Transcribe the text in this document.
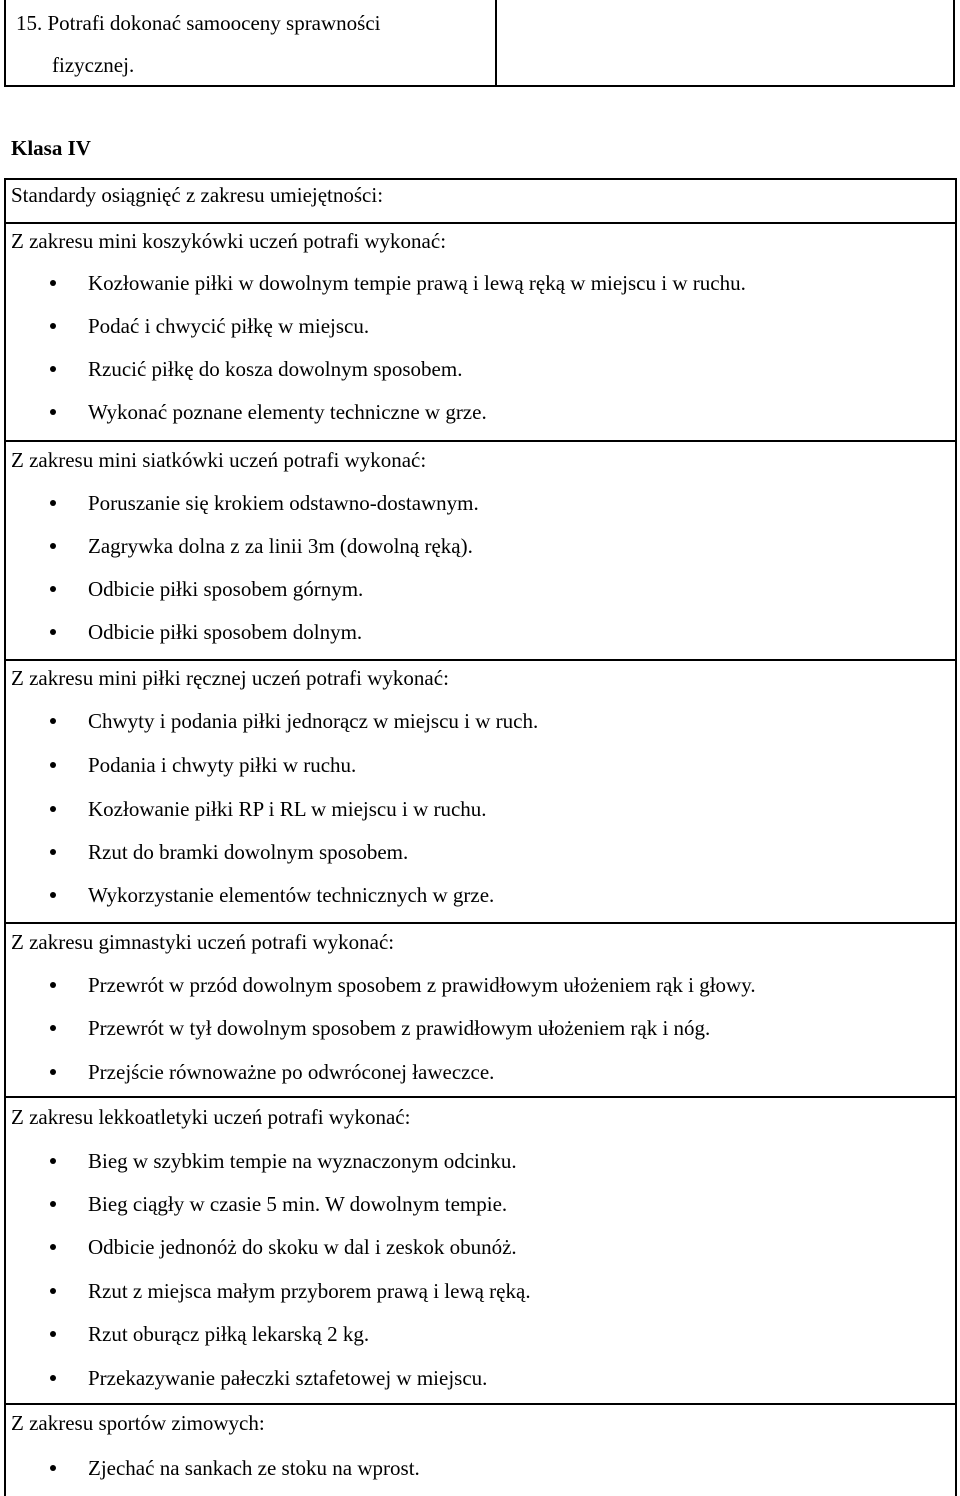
15. Potrafi dokonać samooceny sprawności
fizycznej.

Klasa IV

Standardy osiągnięć z zakresu umiejętności:

Z zakresu mini koszykówki uczeń potrafi wykonać:

Kozłowanie piłki w dowolnym tempie prawą i lewą ręką w miejscu i w ruchu.
Podać i chwycić piłkę w miejscu.
Rzucić piłkę do kosza dowolnym sposobem.
Wykonać poznane elementy techniczne w grze.

Z zakresu mini siatkówki uczeń potrafi wykonać:

Poruszanie się krokiem odstawno-dostawnym.
Zagrywka dolna z za linii 3m (dowolną ręką).
Odbicie piłki sposobem górnym.
Odbicie piłki sposobem dolnym.

Z zakresu mini piłki ręcznej uczeń potrafi wykonać:

Chwyty i podania piłki jednorącz w miejscu i w ruch.
Podania i chwyty piłki w ruchu.
Kozłowanie piłki RP i RL w miejscu i w ruchu.
Rzut do bramki dowolnym sposobem.
Wykorzystanie elementów technicznych w grze.

Z zakresu gimnastyki uczeń potrafi wykonać:

Przewrót w przód dowolnym sposobem z prawidłowym ułożeniem rąk i głowy.
Przewrót w tył dowolnym sposobem z prawidłowym ułożeniem rąk i nóg.
Przejście równoważne po odwróconej ławeczce.

Z zakresu lekkoatletyki uczeń potrafi wykonać:

Bieg w szybkim tempie na wyznaczonym odcinku.
Bieg ciągły w czasie 5 min. W dowolnym tempie.
Odbicie jednonóż do skoku w dal i zeskok obunóż.
Rzut z miejsca małym przyborem prawą i lewą ręką.
Rzut oburącz piłką lekarską 2 kg.
Przekazywanie pałeczki sztafetowej w miejscu.

Z zakresu sportów zimowych:

Zjechać na sankach ze stoku na wprost.
